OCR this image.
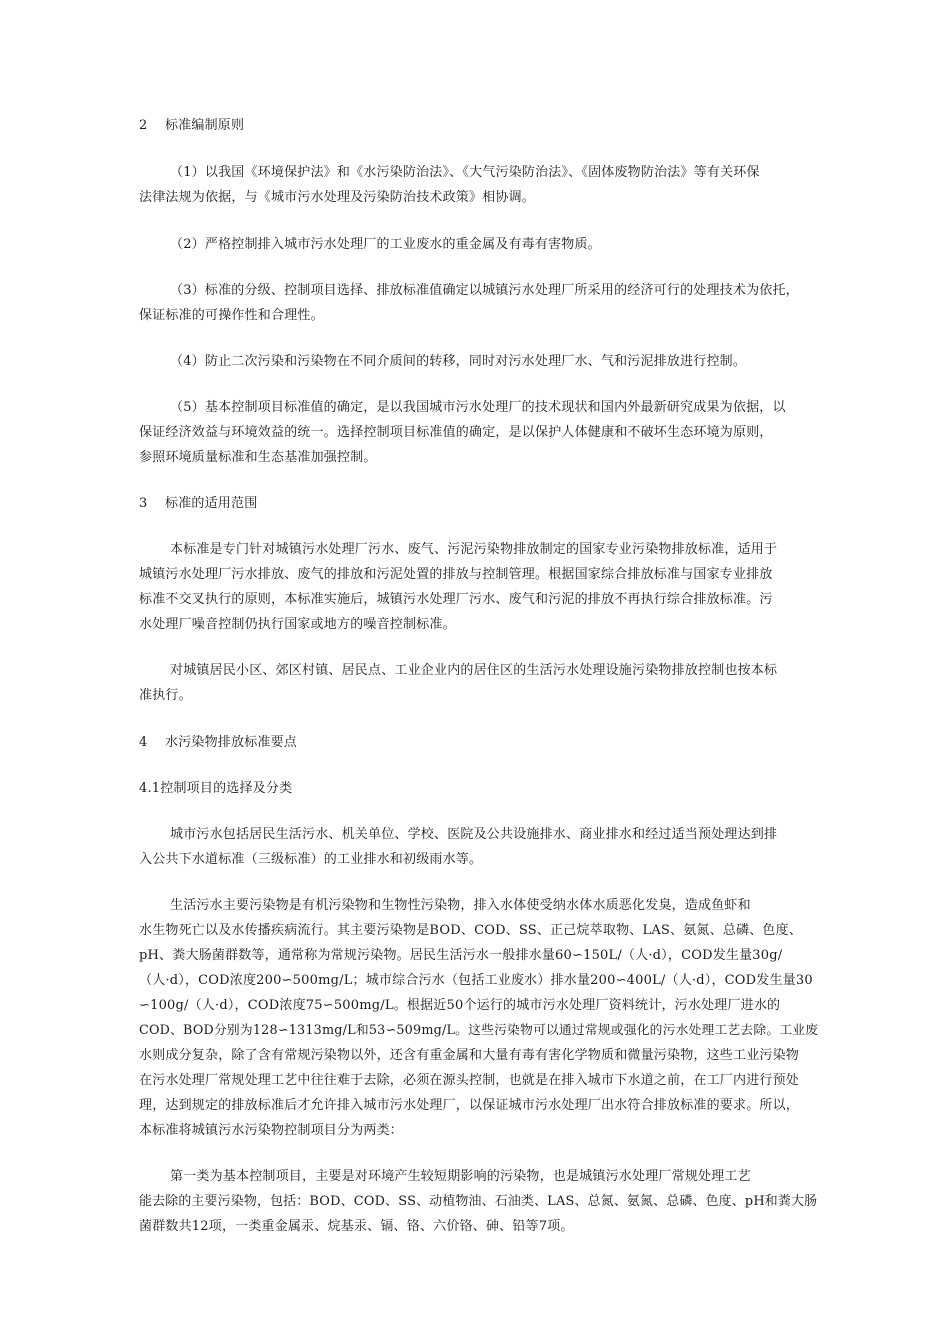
2　 标准编制原则
（1）以我国《环境保护法》和《水污染防治法》、《大气污染防治法》、《固体废物防治法》等有关环保
法律法规为依据，与《城市污水处理及污染防治技术政策》相协调。
（2）严格控制排入城市污水处理厂的工业废水的重金属及有毒有害物质。
（3）标准的分级、控制项目选择、排放标准值确定以城镇污水处理厂所采用的经济可行的处理技术为依托，
保证标准的可操作性和合理性。
（4）防止二次污染和污染物在不同介质间的转移，同时对污水处理厂水、气和污泥排放进行控制。
（5）基本控制项目标准值的确定，是以我国城市污水处理厂的技术现状和国内外最新研究成果为依据，以
保证经济效益与环境效益的统一。选择控制项目标准值的确定，是以保护人体健康和不破坏生态环境为原则，
参照环境质量标准和生态基准加强控制。
3　 标准的适用范围
本标准是专门针对城镇污水处理厂污水、废气、污泥污染物排放制定的国家专业污染物排放标准，适用于
城镇污水处理厂污水排放、废气的排放和污泥处置的排放与控制管理。根据国家综合排放标准与国家专业排放
标准不交叉执行的原则，本标准实施后，城镇污水处理厂污水、废气和污泥的排放不再执行综合排放标准。污
水处理厂噪音控制仍执行国家或地方的噪音控制标准。
对城镇居民小区、郊区村镇、居民点、工业企业内的居住区的生活污水处理设施污染物排放控制也按本标
准执行。
4　 水污染物排放标准要点
4.1控制项目的选择及分类
城市污水包括居民生活污水、机关单位、学校、医院及公共设施排水、商业排水和经过适当预处理达到排
入公共下水道标准（三级标准）的工业排水和初级雨水等。
生活污水主要污染物是有机污染物和生物性污染物，排入水体使受纳水体水质恶化发臭，造成鱼虾和
水生物死亡以及水传播疾病流行。其主要污染物是BOD、COD、SS、正己烷萃取物、LAS、氨氮、总磷、色度、
pH、粪大肠菌群数等，通常称为常规污染物。居民生活污水一般排水量60∽150L/（人·d），COD发生量30g/
（人·d），COD浓度200∽500mg/L；城市综合污水（包括工业废水）排水量200∽400L/（人·d），COD发生量30
∽100g/（人·d），COD浓度75∽500mg/L。根据近50个运行的城市污水处理厂资料统计，污水处理厂进水的
COD、BOD分别为128∽1313mg/L和53∽509mg/L。这些污染物可以通过常规或强化的污水处理工艺去除。工业废
水则成分复杂，除了含有常规污染物以外，还含有重金属和大量有毒有害化学物质和微量污染物，这些工业污染物
在污水处理厂常规处理工艺中往往难于去除，必须在源头控制，也就是在排入城市下水道之前，在工厂内进行预处
理，达到规定的排放标准后才允许排入城市污水处理厂，以保证城市污水处理厂出水符合排放标准的要求。所以，
本标准将城镇污水污染物控制项目分为两类：
第一类为基本控制项目，主要是对环境产生较短期影响的污染物，也是城镇污水处理厂常规处理工艺
能去除的主要污染物，包括：BOD、COD、SS、动植物油、石油类、LAS、总氮、氨氮、总磷、色度、pH和粪大肠
菌群数共12项，一类重金属汞、烷基汞、镉、铬、六价铬、砷、铅等7项。
